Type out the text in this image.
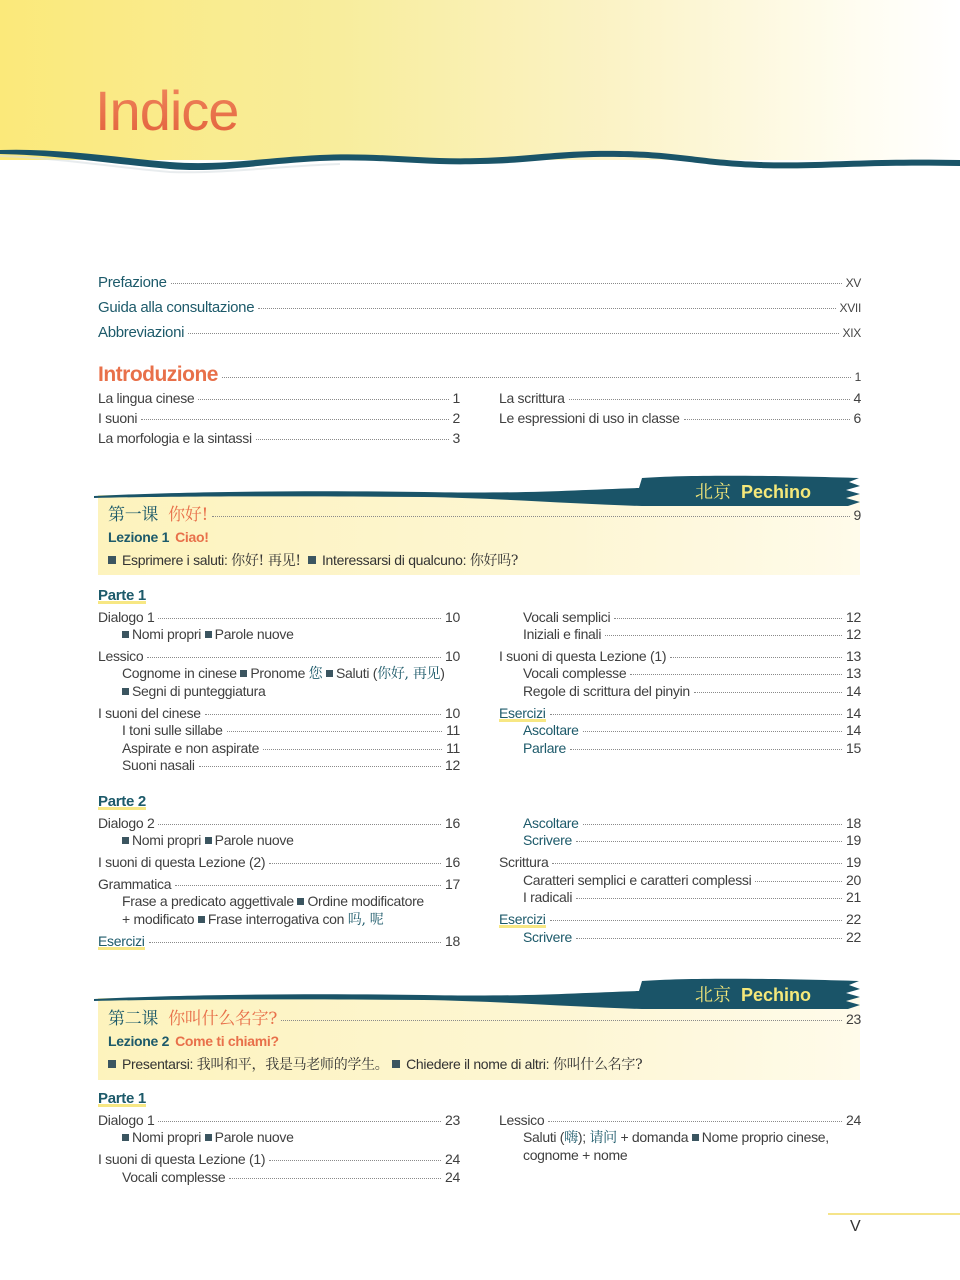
Indice
Prefazione	XV
Guida alla consultazione	XVII
Abbreviazioni	XIX
Introduzione	1
La lingua cinese	1
I suoni	2
La morfologia e la sintassi	3
La scrittura	4
Le espressioni di uso in classe	6
北京 Pechino
第一课 你好!	9
Lezione 1 Ciao!
Esprimere i saluti: 你好! 再见! Interessarsi di qualcuno: 你好吗?
Parte 1
Dialogo 1	10
Nomi propri Parole nuove
Lessico	10
Cognome in cinese Pronome 您 Saluti (你好, 再见)
Segni di punteggiatura
I suoni del cinese	10
I toni sulle sillabe	11
Aspirate e non aspirate	11
Suoni nasali	12
Vocali semplici	12
Iniziali e finali	12
I suoni di questa Lezione (1)	13
Vocali complesse	13
Regole di scrittura del pinyin	14
Esercizi	14
Ascoltare	14
Parlare	15
Parte 2
Dialogo 2	16
Nomi propri Parole nuove
I suoni di questa Lezione (2)	16
Grammatica	17
Frase a predicato aggettivale Ordine modificatore
+ modificato Frase interrogativa con 吗, 呢
Esercizi	18
Ascoltare	18
Scrivere	19
Scrittura	19
Caratteri semplici e caratteri complessi	20
I radicali	21
Esercizi	22
Scrivere	22
北京 Pechino
第二课 你叫什么名字?	23
Lezione 2 Come ti chiami?
Presentarsi: 我叫和平，我是马老师的学生。 Chiedere il nome di altri: 你叫什么名字?
Parte 1
Dialogo 1	23
Nomi propri Parole nuove
I suoni di questa Lezione (1)	24
Vocali complesse	24
Lessico	24
Saluti (嗨); 请问 + domanda Nome proprio cinese,
cognome + nome
V
